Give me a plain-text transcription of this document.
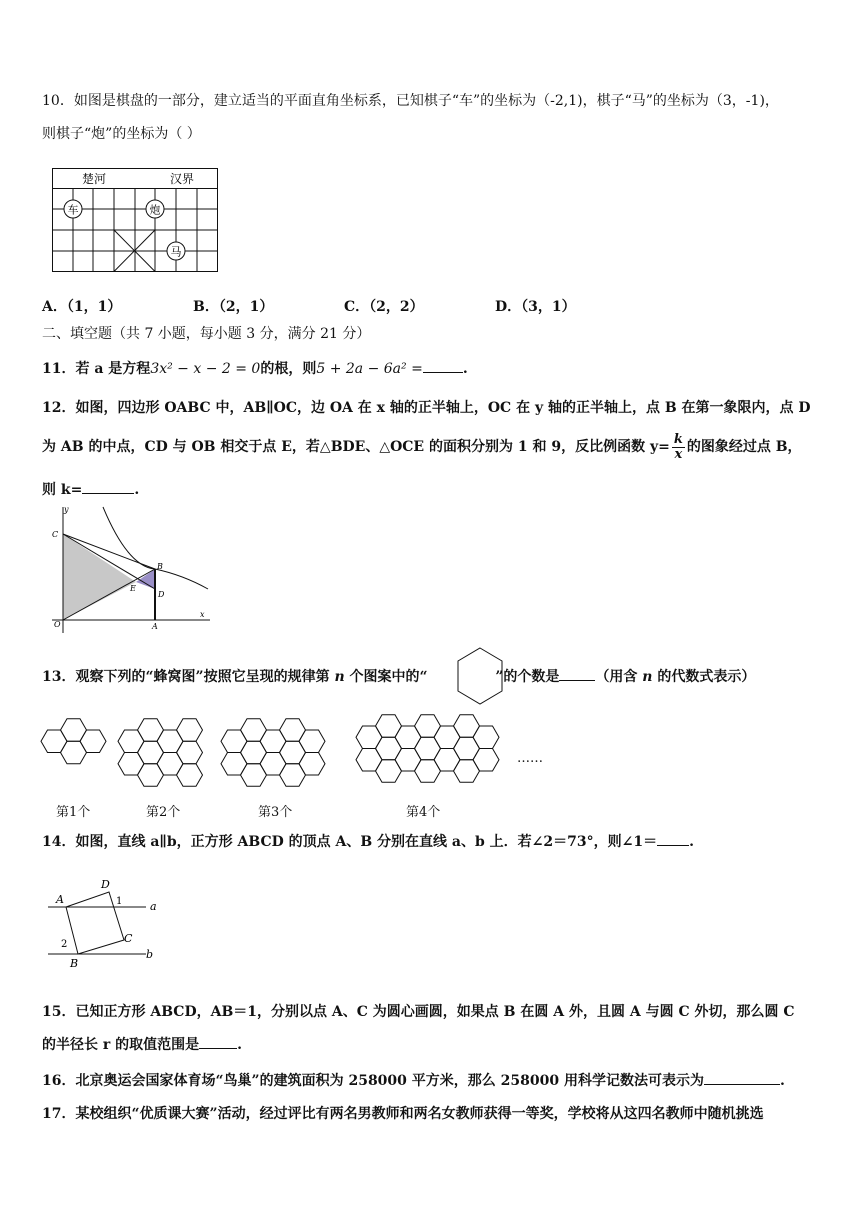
10．如图是棋盘的一部分，建立适当的平面直角坐标系，已知棋子“车”的坐标为（-2,1)，棋子“马”的坐标为（3，-1)，
则棋子“炮”的坐标为（ ）
楚河	汉界
车	炮
马
A．（1，1）	B．（2，1）	C．（2，2）	D．（3，1）
二、填空题（共 7 小题，每小题 3 分，满分 21 分）
11．若 a 是方程3x² − x − 2 = 0的根，则5 + 2a − 6a² =	.
12．如图，四边形 OABC 中，AB∥OC，边 OA 在 x 轴的正半轴上，OC 在 y 轴的正半轴上，点 B 在第一象限内，点 D
为 AB 的中点，CD 与 OB 相交于点 E，若△BDE、△OCE 的面积分别为 1 和 9，反比例函数 $y= \frac{k}{x}$ 的图象经过点 B，
则 k=	.
y
C
B
E
D
O	A
x
13．观察下列的“蜂窝图”按照它呈现的规律第 n 个图案中的“	”的个数是	（用含 n 的代数式表示）
第1个	第2个	第3个	第4个
……
14．如图，直线 a∥b，正方形 ABCD 的顶点 A、B 分别在直线 a、b 上．若∠2＝73°，则∠1＝ .
D
A	1	a
2	C
B
b
15．已知正方形 ABCD，AB＝1，分别以点 A、C 为圆心画圆，如果点 B 在圆 A 外，且圆 A 与圆 C 外切，那么圆 C
的半径长 r 的取值范围是	.
16．北京奥运会国家体育场“鸟巢”的建筑面积为 258000 平方米，那么 258000 用科学记数法可表示为	.
17．某校组织“优质课大赛”活动，经过评比有两名男教师和两名女教师获得一等奖，学校将从这四名教师中随机挑选
